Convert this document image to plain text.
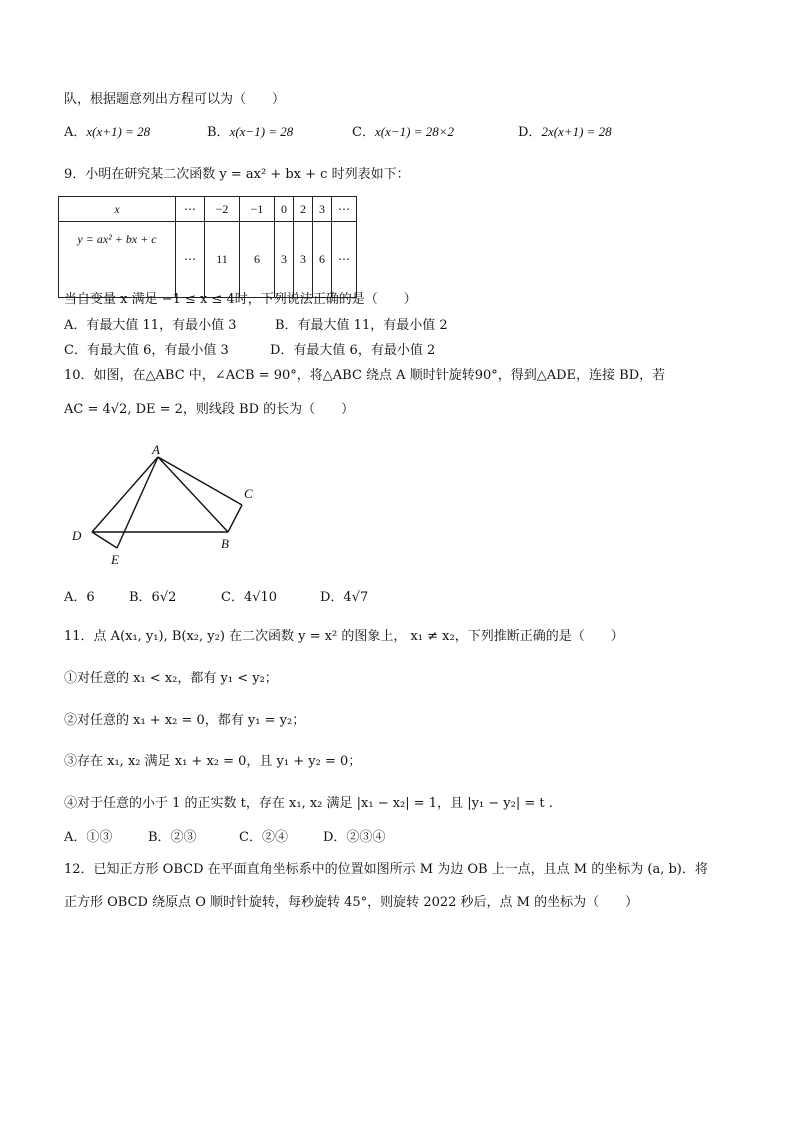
队，根据题意列出方程可以为（　　）
A．x(x+1) = 28	B．x(x−1) = 28	C．x(x−1) = 28×2	D．2x(x+1) = 28
9．小明在研究某二次函数 y = ax² + bx + c 时列表如下：
x	⋯	−2	−1	0	2	3	⋯
y = ax² + bx + c	⋯	11	6	3	3	6	⋯
当自变量 x 满足 −1 ≤ x ≤ 4时，下列说法正确的是（　　）
A．有最大值 11，有最小值 3	B．有最大值 11，有最小值 2
C．有最大值 6，有最小值 3	D．有最大值 6，有最小值 2
10．如图，在△ABC 中，∠ACB = 90°，将△ABC 绕点 A 顺时针旋转90°，得到△ADE，连接 BD，若
AC = 4√2, DE = 2，则线段 BD 的长为（　　）
A
C
D
B
E
A．6	B．6√2	C．4√10	D．4√7
11．点 A(x₁, y₁), B(x₂, y₂) 在二次函数 y = x² 的图象上， x₁ ≠ x₂，下列推断正确的是（　　）
①对任意的 x₁ < x₂，都有 y₁ < y₂；
②对任意的 x₁ + x₂ = 0，都有 y₁ = y₂；
③存在 x₁, x₂ 满足 x₁ + x₂ = 0，且 y₁ + y₂ = 0；
④对于任意的小于 1 的正实数 t，存在 x₁, x₂ 满足 |x₁ − x₂| = 1，且 |y₁ − y₂| = t .
A．①③	B．②③	C．②④	D．②③④
12．已知正方形 OBCD 在平面直角坐标系中的位置如图所示 M 为边 OB 上一点，且点 M 的坐标为 (a, b)．将
正方形 OBCD 绕原点 O 顺时针旋转，每秒旋转 45°，则旋转 2022 秒后，点 M 的坐标为（　　）
